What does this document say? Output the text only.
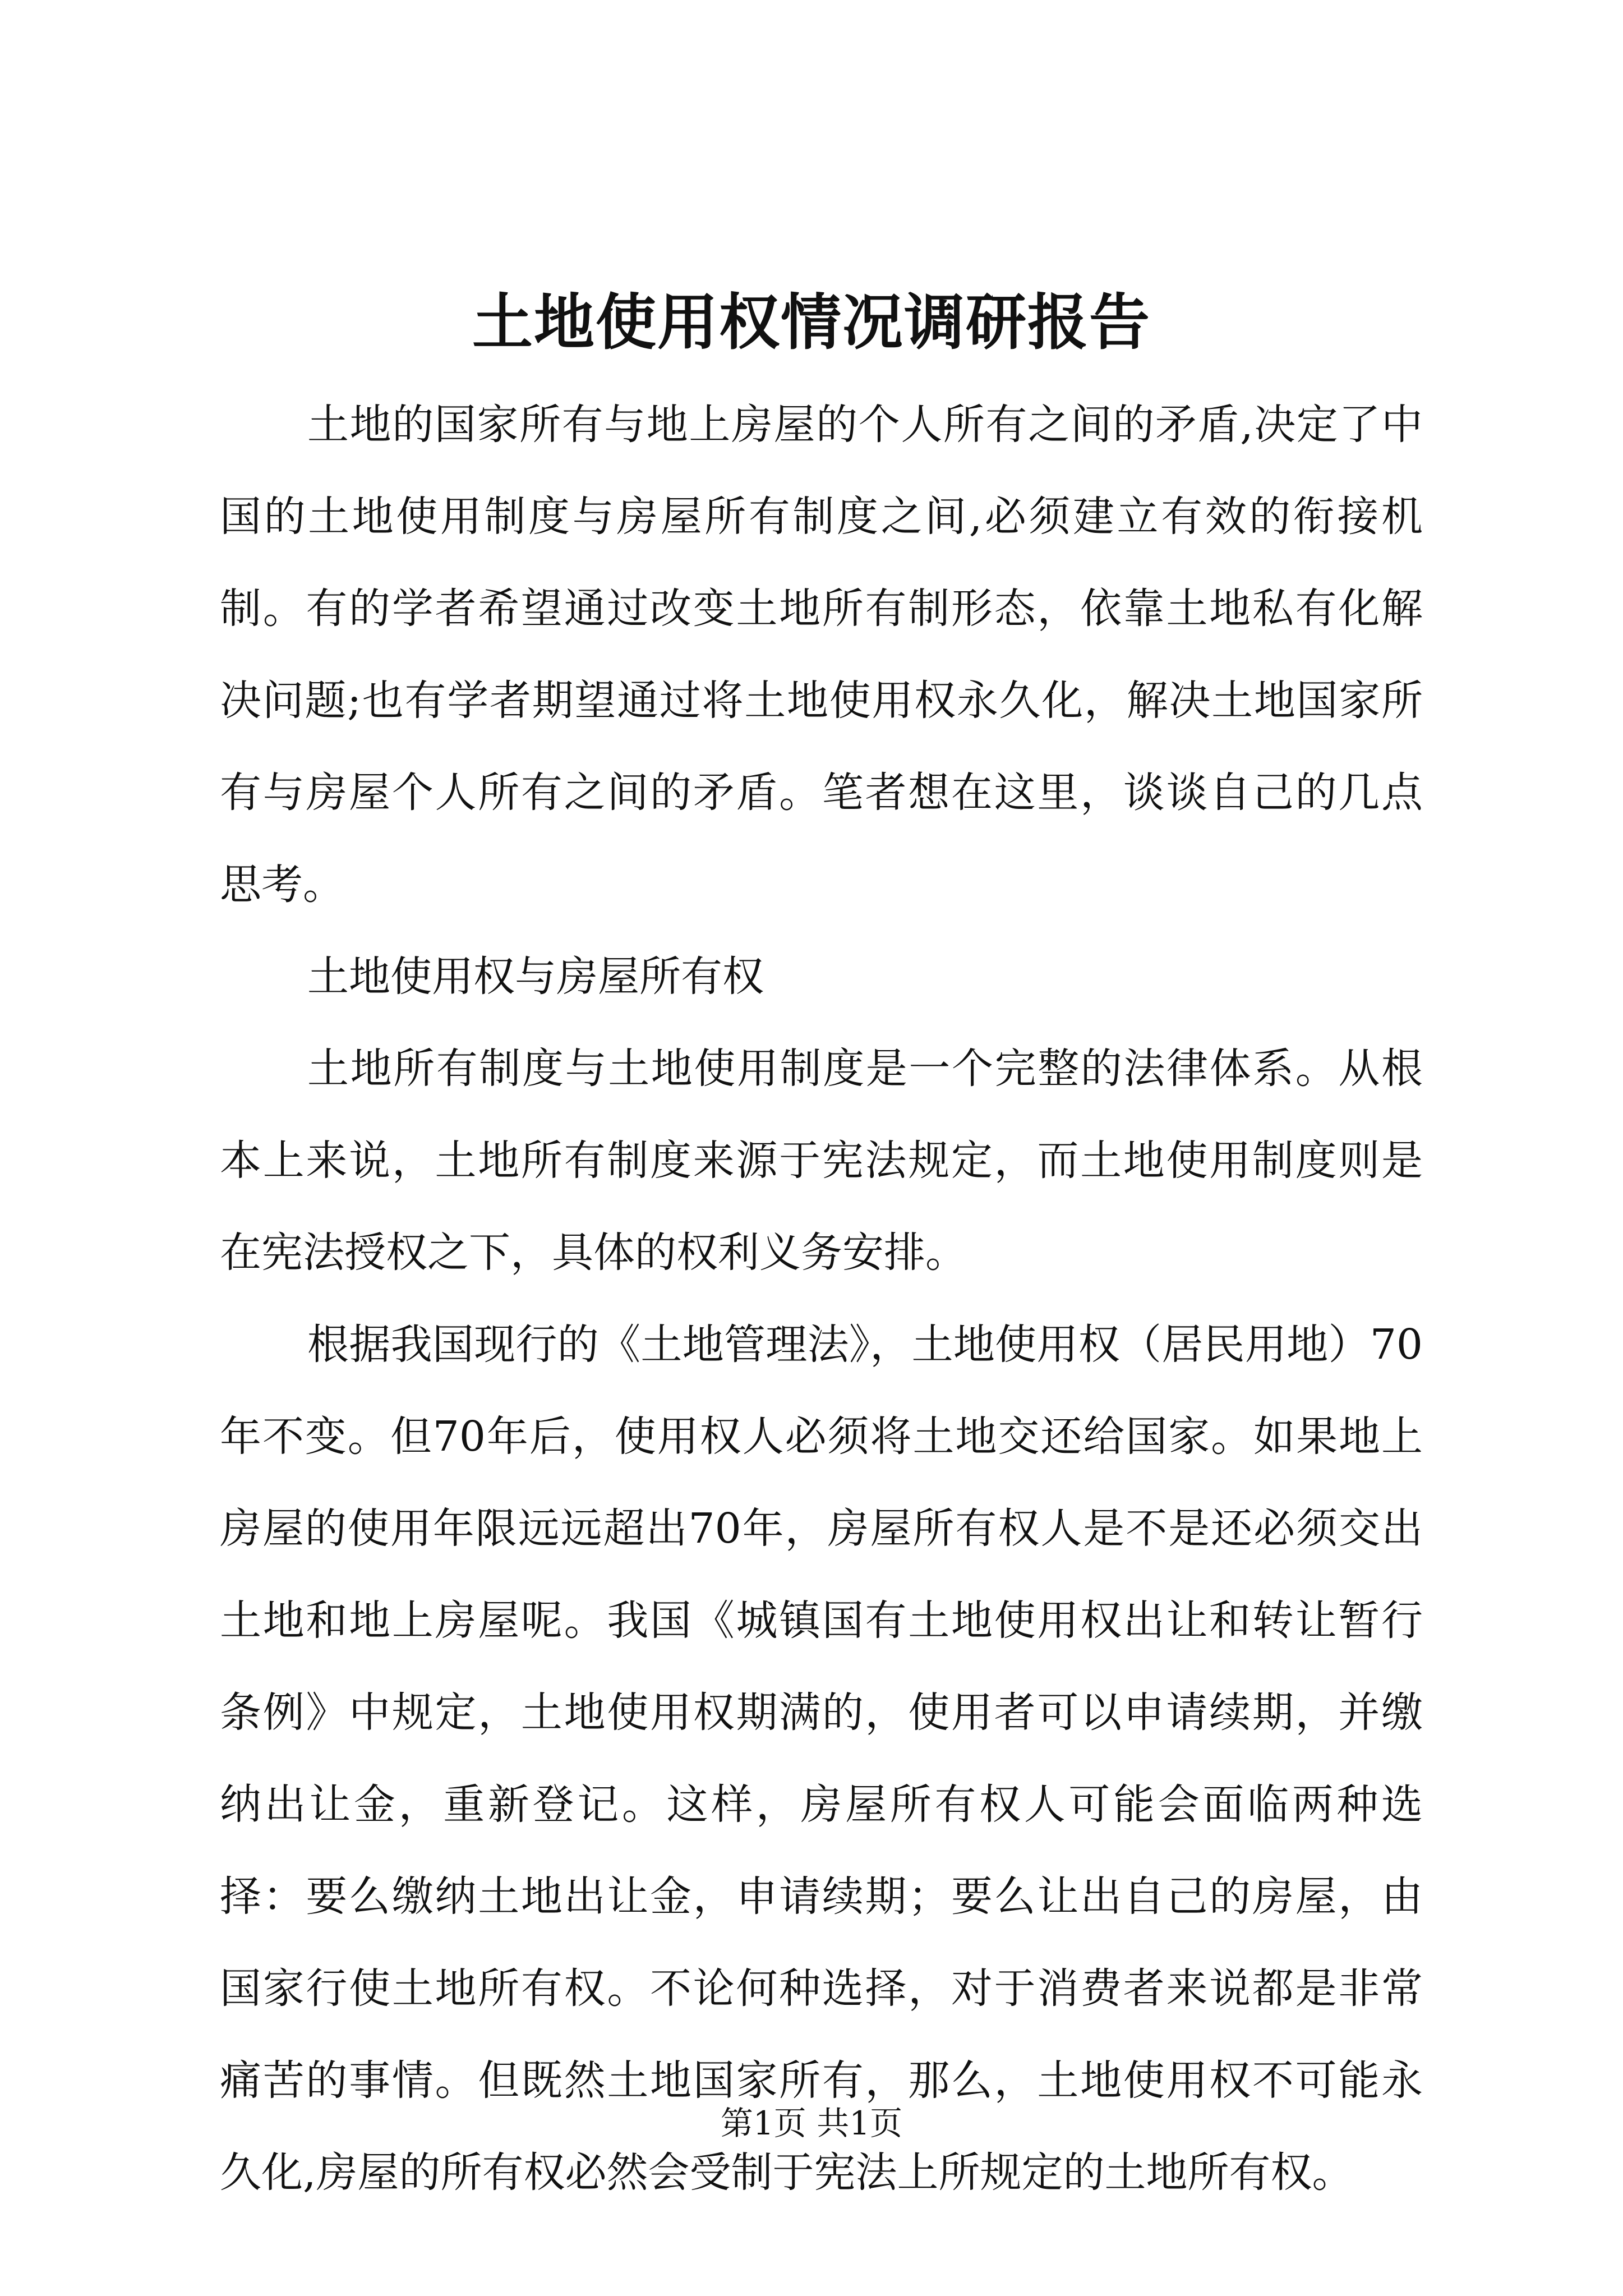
土地使用权情况调研报告

土地的国家所有与地上房屋的个人所有之间的矛盾,决定了中国的土地使用制度与房屋所有制度之间,必须建立有效的衔接机制。有的学者希望通过改变土地所有制形态，依靠土地私有化解决问题;也有学者期望通过将土地使用权永久化，解决土地国家所有与房屋个人所有之间的矛盾。笔者想在这里，谈谈自己的几点思考。

土地使用权与房屋所有权

土地所有制度与土地使用制度是一个完整的法律体系。从根本上来说，土地所有制度来源于宪法规定，而土地使用制度则是在宪法授权之下，具体的权利义务安排。

根据我国现行的《土地管理法》，土地使用权（居民用地）70年不变。但70年后，使用权人必须将土地交还给国家。如果地上房屋的使用年限远远超出70年，房屋所有权人是不是还必须交出土地和地上房屋呢。我国《城镇国有土地使用权出让和转让暂行条例》中规定，土地使用权期满的，使用者可以申请续期，并缴纳出让金，重新登记。这样，房屋所有权人可能会面临两种选择：要么缴纳土地出让金，申请续期；要么让出自己的房屋，由国家行使土地所有权。不论何种选择，对于消费者来说都是非常痛苦的事情。但既然土地国家所有，那么，土地使用权不可能永久化,房屋的所有权必然会受制于宪法上所规定的土地所有权。

第1页 共1页
